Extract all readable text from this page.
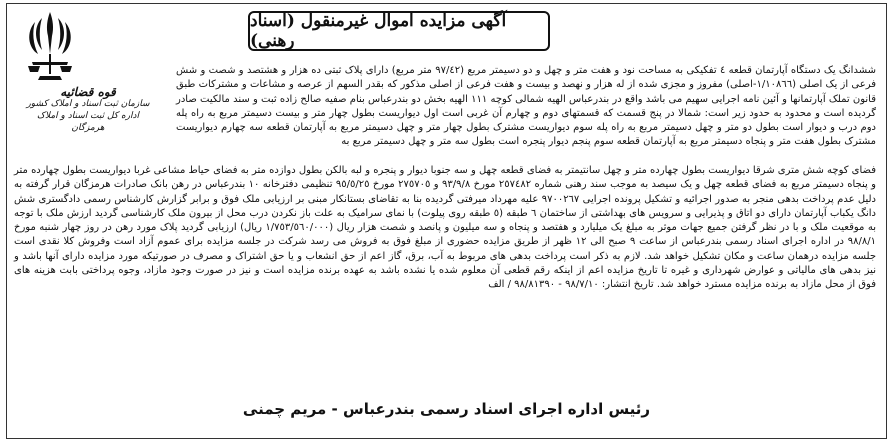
قوه قضائیه
سازمان ثبت اسناد و املاک کشور
اداره کل ثبت اسناد و املاک هرمزگان
آگهی مزایده اموال غیرمنقول (اسناد رهنی)
ششدانگ یک دستگاه آپارتمان قطعه ٤ تفکیکی به مساحت نود و هفت متر و چهل و دو دسیمتر مربع (٩٧/٤٢ متر مربع) دارای پلاک ثبتی ده هزار و هشتصد و شصت و شش فرعی از یک اصلی (١/١٠٨٦٦-اصلی) مفروز و مجزی شده از له هزار و نهصد و بیست و هفت فرعی از اصلی مذکور که بقدر السهم از عرصه و مشاعات و مشترکات طبق قانون تملک آپارتمانها و آئین نامه اجرایی سهیم می باشد واقع در بندرعباس الهیه شمالی کوچه ١١١ الهیه بخش دو بندرعباس بنام صفیه صالح زاده ثبت و سند مالکیت صادر گردیده است و محدود به حدود زیر است: شمالا در پنج قسمت که قسمتهای دوم و چهارم آن غربی است اول دیواریست بطول چهار متر و بیست دسیمتر مربع به راه پله دوم درب و دیوار است بطول دو متر و چهل دسیمتر مربع به راه پله سوم دیواریست مشترک بطول چهار متر و چهل دسیمتر مربع به آپارتمان قطعه سه چهارم دیواریست مشترک بطول هفت متر و پنجاه دسیمتر مربع به آپارتمان قطعه سوم پنجم دیوار پنجره است بطول سه متر و چهل دسیمتر مربع به
فضای کوچه شش متری شرقا دیواریست بطول چهارده متر و چهل سانتیمتر به فضای قطعه چهل و سه جنوبا دیوار و پنجره و لبه بالکن بطول دوازده متر به فضای حیاط مشاعی غربا دیواریست بطول چهارده متر و پنجاه دسیمتر مربع به فضای قطعه چهل و یک سیصد به موجب سند رهنی شماره ٢٥٧٤٨٢ مورخ ٩٣/٩/٨ و ٢٧٥٧٠٥ مورخ ٩٥/٥/٢٥ تنظیمی دفترخانه ١٠ بندرعباس در رهن بانک صادرات هرمزگان قرار گرفته به دلیل عدم پرداخت بدهی منجر به صدور اجرائیه و تشکیل پرونده اجرایی ٩٧٠٠٢٦٧ علیه مهرداد میرفتی گردیده بنا به تقاضای بستانکار مبنی بر ارزیابی ملک فوق و برابر گزارش کارشناس رسمی دادگستری شش دانگ یکباب آپارتمان دارای دو اتاق و پذیرایی و سرویس های بهداشتی از ساختمان ٦ طبقه (٥ طبقه روی پیلوت) با نمای سرامیک به علت باز نکردن درب محل از بیرون ملک کارشناسی گردید ارزش ملک با توجه به موقعیت ملک و با در نظر گرفتن جمیع جهات موثر به مبلغ یک میلیارد و هفتصد و پنجاه و سه میلیون و پانصد و شصت هزار ریال (١/٧٥٣/٥٦٠/٠٠٠ ریال) ارزیابی گردید پلاک مورد رهن در روز چهار شنبه مورخ ٩٨/٨/١ در اداره اجرای اسناد رسمی بندرعباس از ساعت ٩ صبح الی ١٢ ظهر از طریق مزایده حضوری از مبلغ فوق به فروش می رسد شرکت در جلسه مزایده برای عموم آزاد است وفروش کلا نقدی است جلسه مزایده درهمان ساعت و مکان تشکیل خواهد شد. لازم به ذکر است پرداخت بدهی های مربوط به آب، برق، گاز اعم از حق انشعاب و یا حق اشتراک و مصرف در صورتیکه مورد مزایده دارای آنها باشد و نیز بدهی های مالیاتی و عوارض شهرداری و غیره تا تاریخ مزایده اعم از اینکه رقم قطعی آن معلوم شده یا نشده باشد به عهده برنده مزایده است و نیز در صورت وجود مازاد، وجوه پرداختی بابت هزینه های فوق از محل مازاد به برنده مزایده مسترد خواهد شد. تاریخ انتشار: ٩٨/٧/١٠ - ٩٨/٨١٣٩٠ / الف
رئیس اداره اجرای اسناد رسمی بندرعباس - مریم چمنی
